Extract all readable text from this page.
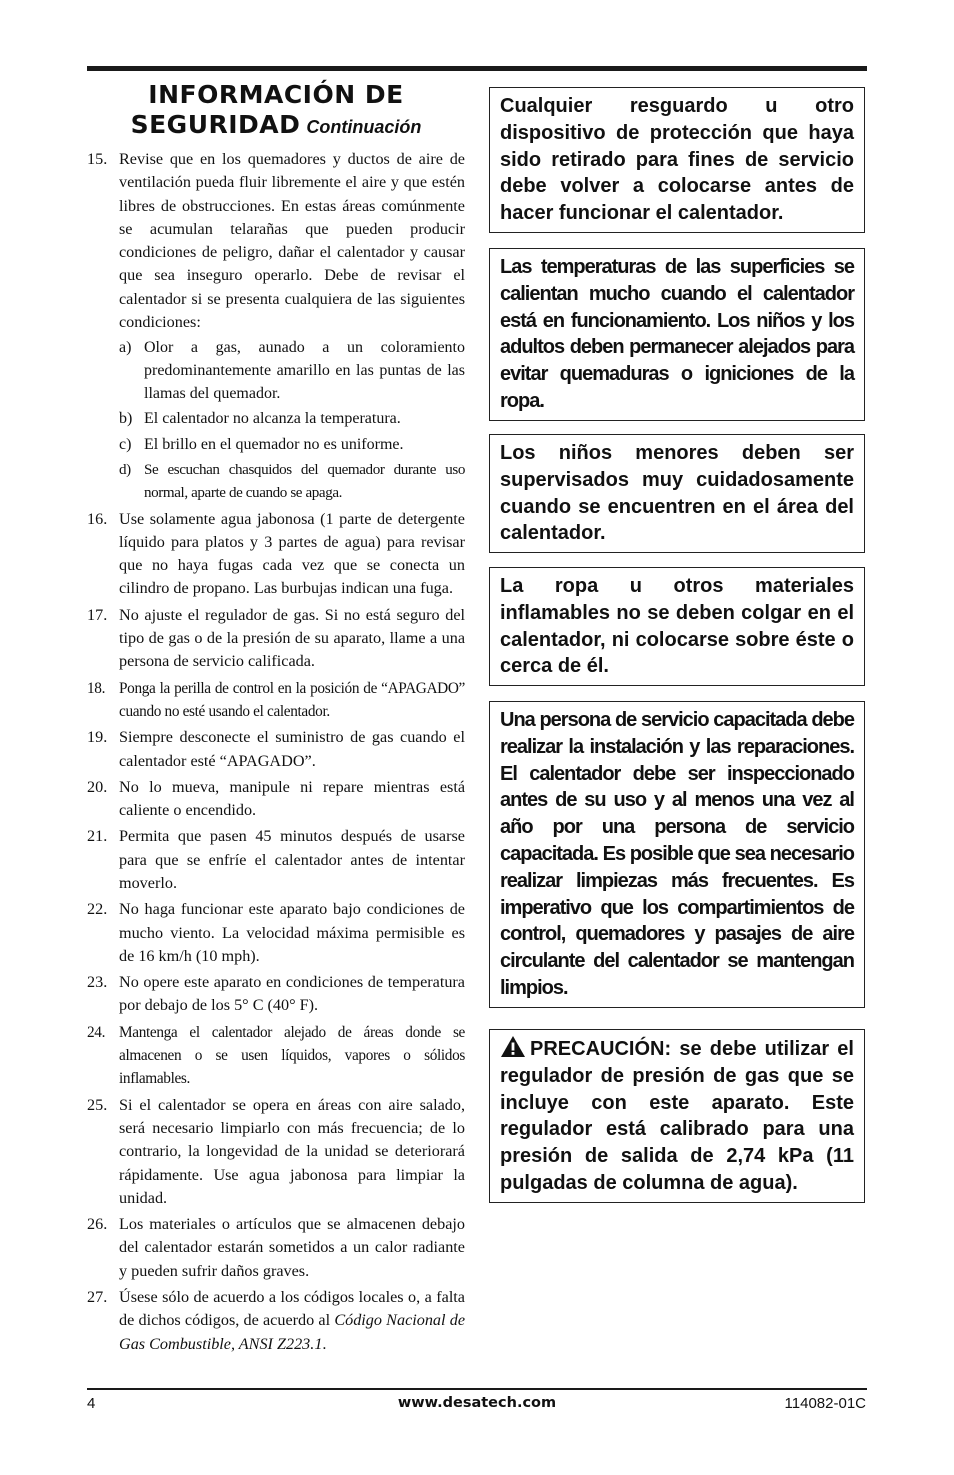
INFORMACIÓN DE
SEGURIDAD Continuación
15. Revise que en los quemadores y ductos de aire de ventilación pueda fluir libremente el aire y que estén libres de obstrucciones. En estas áreas comúnmente se acumulan telarañas que pueden producir condiciones de peligro, dañar el calentador y causar que sea inseguro operarlo. Debe de revisar el calentador si se presenta cualquiera de las siguientes condiciones:
a) Olor a gas, aunado a un coloramiento predominantemente amarillo en las puntas de las llamas del quemador.
b) El calentador no alcanza la temperatura.
c) El brillo en el quemador no es uniforme.
d) Se escuchan chasquidos del quemador durante uso normal, aparte de cuando se apaga.
16. Use solamente agua jabonosa (1 parte de detergente líquido para platos y 3 partes de agua) para revisar que no haya fugas cada vez que se conecta un cilindro de propano. Las burbujas indican una fuga.
17. No ajuste el regulador de gas. Si no está seguro del tipo de gas o de la presión de su aparato, llame a una persona de servicio calificada.
18. Ponga la perilla de control en la posición de “APAGADO” cuando no esté usando el calentador.
19. Siempre desconecte el suministro de gas cuando el calentador esté “APAGADO”.
20. No lo mueva, manipule ni repare mientras está caliente o encendido.
21. Permita que pasen 45 minutos después de usarse para que se enfríe el calentador antes de intentar moverlo.
22. No haga funcionar este aparato bajo condiciones de mucho viento. La velocidad máxima permisible es de 16 km/h (10 mph).
23. No opere este aparato en condiciones de temperatura por debajo de los 5° C (40° F).
24. Mantenga el calentador alejado de áreas donde se almacenen o se usen líquidos, vapores o sólidos inflamables.
25. Si el calentador se opera en áreas con aire salado, será necesario limpiarlo con más frecuencia; de lo contrario, la longevidad de la unidad se deteriorará rápidamente. Use agua jabonosa para limpiar la unidad.
26. Los materiales o artículos que se almacenen debajo del calentador estarán sometidos a un calor radiante y pueden sufrir daños graves.
27. Úsese sólo de acuerdo a los códigos locales o, a falta de dichos códigos, de acuerdo al Código Nacional de Gas Combustible, ANSI Z223.1.
Cualquier resguardo u otro dispositivo de protección que haya sido retirado para fines de servicio debe volver a colocarse antes de hacer funcionar el calentador.
Las temperaturas de las superficies se calientan mucho cuando el calentador está en funcionamiento. Los niños y los adultos deben permanecer alejados para evitar quemaduras o igniciones de la ropa.
Los niños menores deben ser supervisados muy cuidadosamente cuando se encuentren en el área del calentador.
La ropa u otros materiales inflamables no se deben colgar en el calentador, ni colocarse sobre éste o cerca de él.
Una persona de servicio capacitada debe realizar la instalación y las reparaciones. El calentador debe ser inspeccionado antes de su uso y al menos una vez al año por una persona de servicio capacitada. Es posible que sea necesario realizar limpiezas más frecuentes. Es imperativo que los compartimientos de control, quemadores y pasajes de aire circulante del calentador se mantengan limpios.
PRECAUCIÓN: se debe utilizar el regulador de presión de gas que se incluye con este aparato. Este regulador está calibrado para una presión de salida de 2,74 kPa (11 pulgadas de columna de agua).
4	www.desatech.com	114082-01C
